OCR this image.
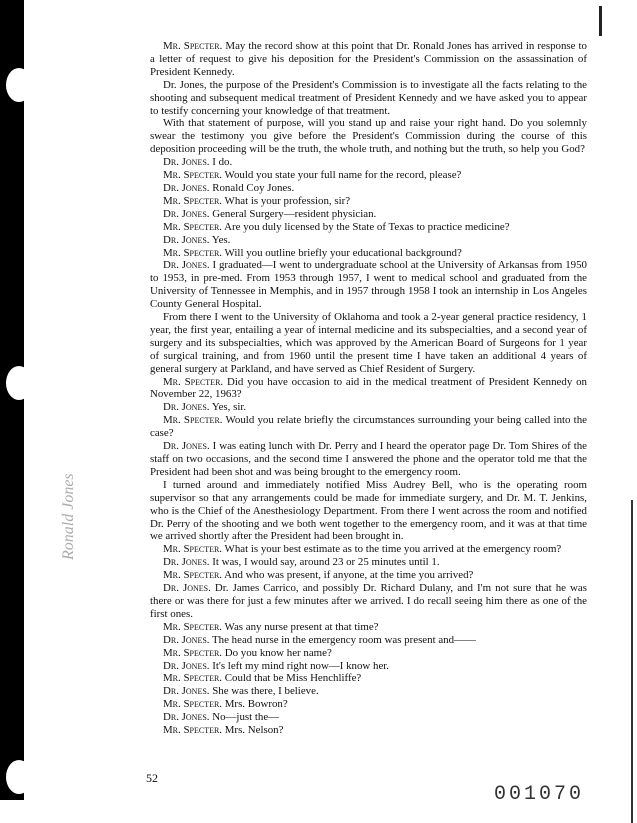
Ronald Jones

Mr. Specter. May the record show at this point that Dr. Ronald Jones has arrived in response to a letter of request to give his deposition for the President's Commission on the assassination of President Kennedy.

Dr. Jones, the purpose of the President's Commission is to investigate all the facts relating to the shooting and subsequent medical treatment of President Kennedy and we have asked you to appear to testify concerning your knowledge of that treatment.

With that statement of purpose, will you stand up and raise your right hand. Do you solemnly swear the testimony you give before the President's Commission during the course of this deposition proceeding will be the truth, the whole truth, and nothing but the truth, so help you God?

Dr. Jones. I do.

Mr. Specter. Would you state your full name for the record, please?

Dr. Jones. Ronald Coy Jones.

Mr. Specter. What is your profession, sir?

Dr. Jones. General Surgery—resident physician.

Mr. Specter. Are you duly licensed by the State of Texas to practice medicine?

Dr. Jones. Yes.

Mr. Specter. Will you outline briefly your educational background?

Dr. Jones. I graduated—I went to undergraduate school at the University of Arkansas from 1950 to 1953, in pre-med. From 1953 through 1957, I went to medical school and graduated from the University of Tennessee in Memphis, and in 1957 through 1958 I took an internship in Los Angeles County General Hospital.

From there I went to the University of Oklahoma and took a 2-year general practice residency, 1 year, the first year, entailing a year of internal medicine and its subspecialties, and a second year of surgery and its subspecialties, which was approved by the American Board of Surgeons for 1 year of surgical training, and from 1960 until the present time I have taken an additional 4 years of general surgery at Parkland, and have served as Chief Resident of Surgery.

Mr. Specter. Did you have occasion to aid in the medical treatment of President Kennedy on November 22, 1963?

Dr. Jones. Yes, sir.

Mr. Specter. Would you relate briefly the circumstances surrounding your being called into the case?

Dr. Jones. I was eating lunch with Dr. Perry and I heard the operator page Dr. Tom Shires of the staff on two occasions, and the second time I answered the phone and the operator told me that the President had been shot and was being brought to the emergency room.

I turned around and immediately notified Miss Audrey Bell, who is the operating room supervisor so that any arrangements could be made for immediate surgery, and Dr. M. T. Jenkins, who is the Chief of the Anesthesiology Department. From there I went across the room and notified Dr. Perry of the shooting and we both went together to the emergency room, and it was at that time we arrived shortly after the President had been brought in.

Mr. Specter. What is your best estimate as to the time you arrived at the emergency room?

Dr. Jones. It was, I would say, around 23 or 25 minutes until 1.

Mr. Specter. And who was present, if anyone, at the time you arrived?

Dr. Jones. Dr. James Carrico, and possibly Dr. Richard Dulany, and I'm not sure that he was there or was there for just a few minutes after we arrived. I do recall seeing him there as one of the first ones.

Mr. Specter. Was any nurse present at that time?

Dr. Jones. The head nurse in the emergency room was present and——

Mr. Specter. Do you know her name?

Dr. Jones. It's left my mind right now—I know her.

Mr. Specter. Could that be Miss Henchliffe?

Dr. Jones. She was there, I believe.

Mr. Specter. Mrs. Bowron?

Dr. Jones. No—just the—

Mr. Specter. Mrs. Nelson?

52
001070
